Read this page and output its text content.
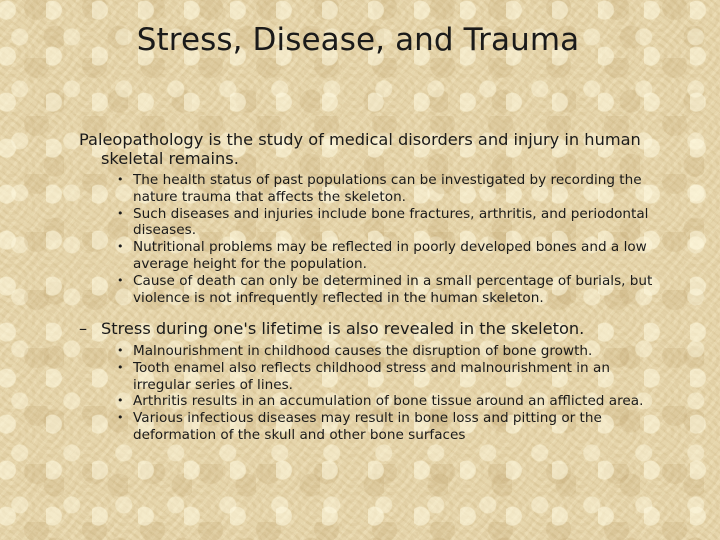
Stress, Disease, and Trauma
Paleopathology is the study of medical disorders and injury in human skeletal remains.
• The health status of past populations can be investigated by recording the nature trauma that affects the skeleton.
• Such diseases and injuries include bone fractures, arthritis, and periodontal diseases.
• Nutritional problems may be reflected in poorly developed bones and a low average height for the population.
• Cause of death can only be determined in a small percentage of burials, but violence is not infrequently reflected in the human skeleton.
– Stress during one's lifetime is also revealed in the skeleton.
• Malnourishment in childhood causes the disruption of bone growth.
• Tooth enamel also reflects childhood stress and malnourishment in an irregular series of lines.
• Arthritis results in an accumulation of bone tissue around an afflicted area.
• Various infectious diseases may result in bone loss and pitting or the deformation of the skull and other bone surfaces
